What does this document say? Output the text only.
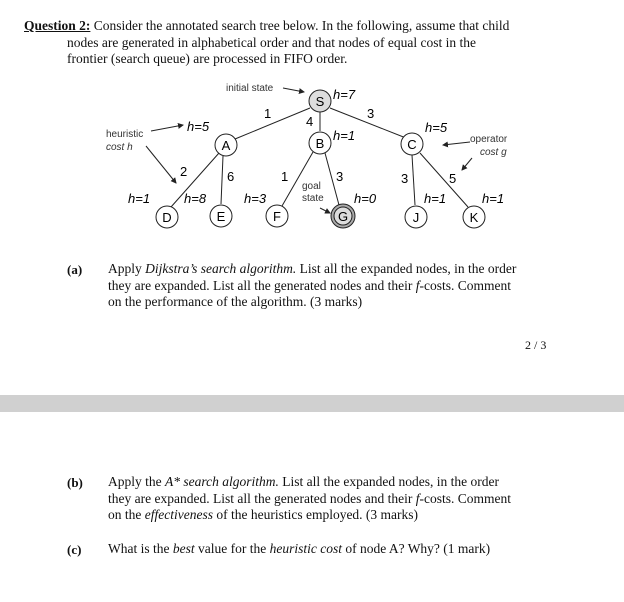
Question 2: Consider the annotated search tree below. In the following, assume that child
nodes are generated in alphabetical order and that nodes of equal cost in the
frontier (search queue) are processed in FIFO order.
S
A	B	C
D	E	F	G	J	K
h=7
h=5
h=1
h=5
h=1	h=8	h=3	h=0	h=1	h=1
1
4
3
2	6	1	3	3	5
initial state
heuristic
cost h
operator
cost g
goal
state
(a) Apply Dijkstra’s search algorithm. List all the expanded nodes, in the order
they are expanded. List all the generated nodes and their f-costs. Comment
on the performance of the algorithm. (3 marks)
2 / 3
(b) Apply the A* search algorithm. List all the expanded nodes, in the order
they are expanded. List all the generated nodes and their f-costs. Comment
on the effectiveness of the heuristics employed. (3 marks)
(c) What is the best value for the heuristic cost of node A? Why? (1 mark)
